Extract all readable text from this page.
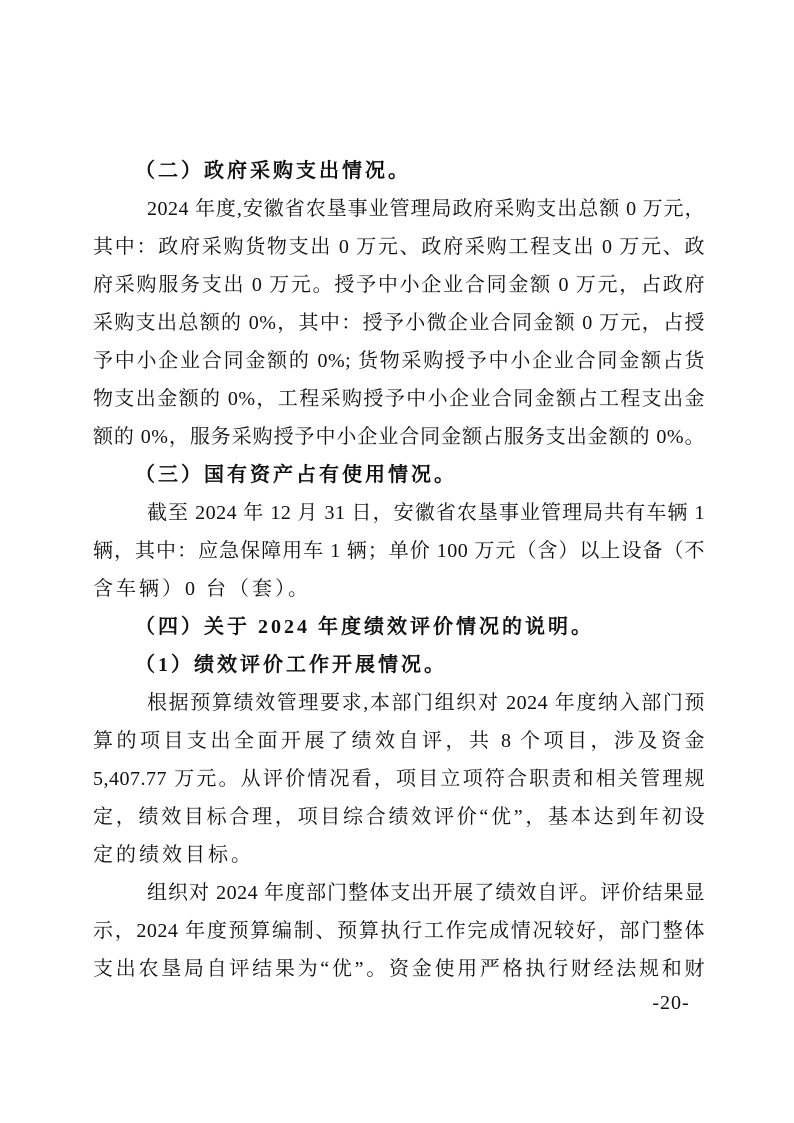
（二）政府采购支出情况。
2024 年度,安徽省农垦事业管理局政府采购支出总额 0 万元，
其中：政府采购货物支出 0 万元、政府采购工程支出 0 万元、政
府采购服务支出 0 万元。授予中小企业合同金额 0 万元，占政府
采购支出总额的 0%，其中：授予小微企业合同金额 0 万元，占授
予中小企业合同金额的 0%; 货物采购授予中小企业合同金额占货
物支出金额的 0%，工程采购授予中小企业合同金额占工程支出金
额的 0%，服务采购授予中小企业合同金额占服务支出金额的 0%。
（三）国有资产占有使用情况。
截至 2024 年 12 月 31 日，安徽省农垦事业管理局共有车辆 1
辆，其中：应急保障用车 1 辆；单价 100 万元（含）以上设备（不
含车辆）0 台（套）。
（四）关于 2024 年度绩效评价情况的说明。
（1）绩效评价工作开展情况。
根据预算绩效管理要求,本部门组织对 2024 年度纳入部门预
算的项目支出全面开展了绩效自评，共 8 个项目，涉及资金
5,407.77 万元。从评价情况看，项目立项符合职责和相关管理规
定，绩效目标合理，项目综合绩效评价“优”，基本达到年初设
定的绩效目标。
组织对 2024 年度部门整体支出开展了绩效自评。评价结果显
示，2024 年度预算编制、预算执行工作完成情况较好，部门整体
支出农垦局自评结果为“优”。资金使用严格执行财经法规和财
-20-
